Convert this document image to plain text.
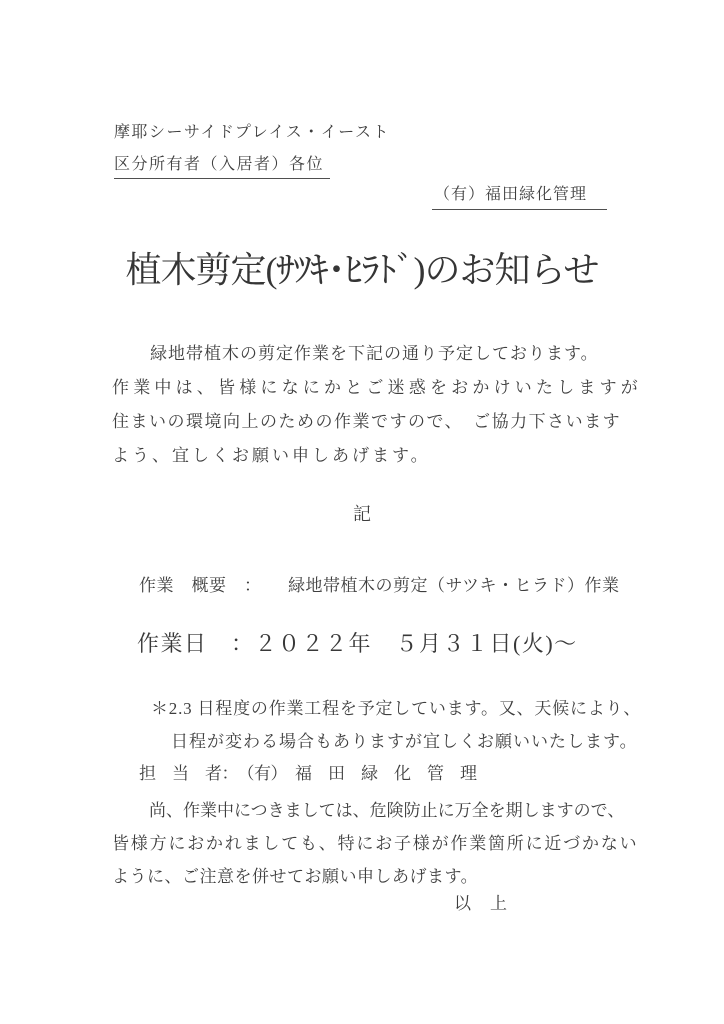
摩耶シーサイドプレイス・イースト
区分所有者（入居者）各位
（有）福田緑化管理
植木剪定(ｻﾂｷ･ﾋﾗﾄﾞ)のお知らせ
　緑地帯植木の剪定作業を下記の通り予定しております。
作業中は、皆様になにかとご迷惑をおかけいたしますが
住まいの環境向上のための作業ですので、　ご協力下さいます
よう、宜しくお願い申しあげます。
記
作業　概要　：　　緑地帯植木の剪定（サツキ・ヒラド）作業
作業日　：２０２２年　５月３１日(火)～
＊2.3 日程度の作業工程を予定しています。又、天候により、
日程が変わる場合もありますが宜しくお願いいたします。
担　当　者：　（有）　福　田　緑　化　管　理
　尚、作業中につきましては、危険防止に万全を期しますので、
皆様方におかれましても、特にお子様が作業箇所に近づかない
ように、ご注意を併せてお願い申しあげます。
以　上
